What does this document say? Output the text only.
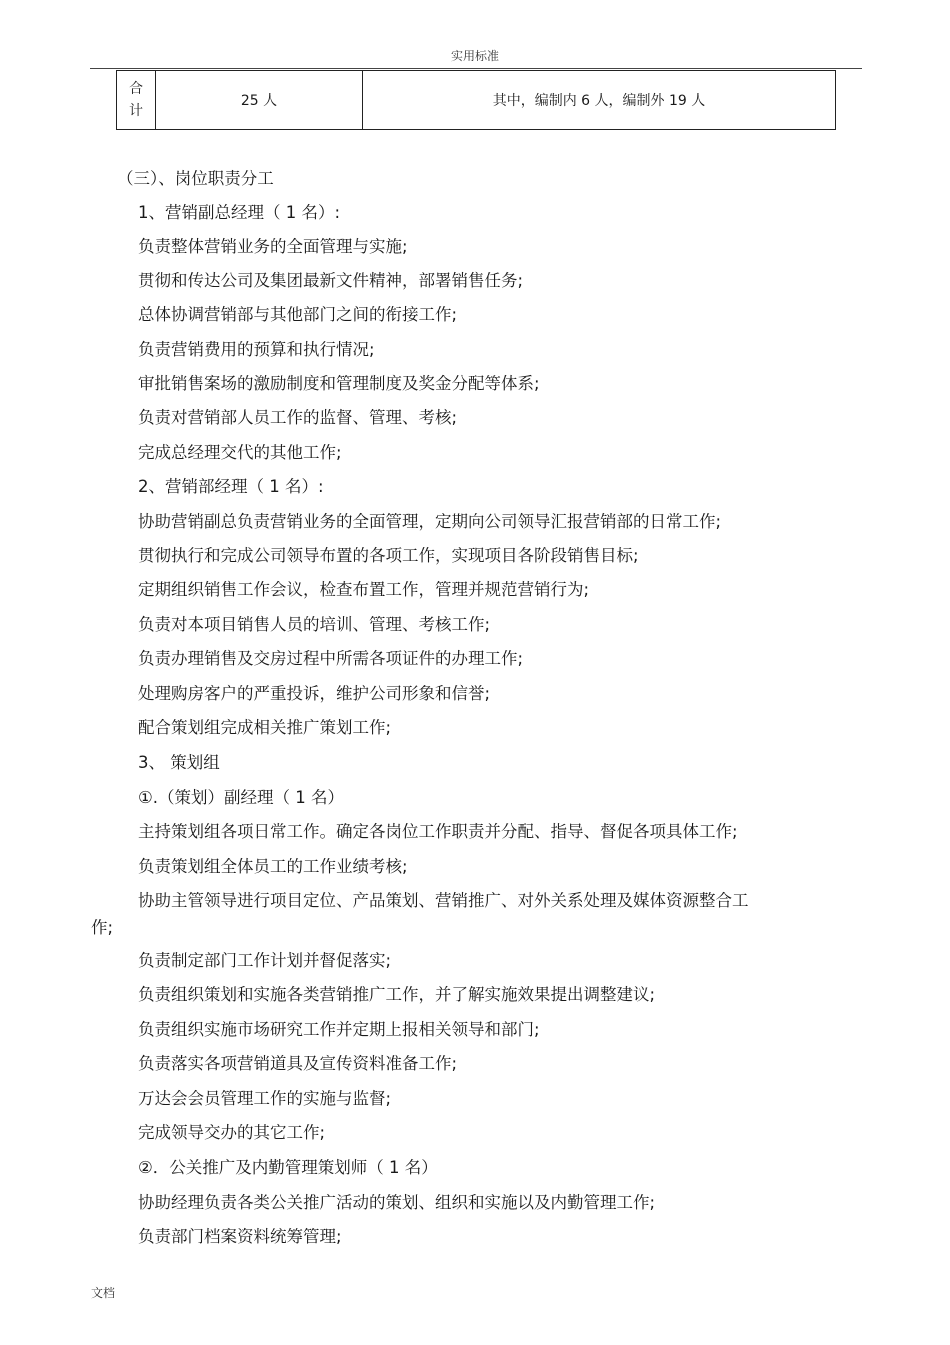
实用标准
合
计	25 人	其中，编制内 6 人，编制外 19 人
（三）、岗位职责分工
1、营销副总经理（ 1 名）:
负责整体营销业务的全面管理与实施;
贯彻和传达公司及集团最新文件精神，部署销售任务;
总体协调营销部与其他部门之间的衔接工作;
负责营销费用的预算和执行情况;
审批销售案场的激励制度和管理制度及奖金分配等体系;
负责对营销部人员工作的监督、管理、考核;
完成总经理交代的其他工作;
2、营销部经理（ 1 名）:
协助营销副总负责营销业务的全面管理，定期向公司领导汇报营销部的日常工作;
贯彻执行和完成公司领导布置的各项工作，实现项目各阶段销售目标;
定期组织销售工作会议，检查布置工作，管理并规范营销行为;
负责对本项目销售人员的培训、管理、考核工作;
负责办理销售及交房过程中所需各项证件的办理工作;
处理购房客户的严重投诉，维护公司形象和信誉;
配合策划组完成相关推广策划工作;
3、 策划组
①.（策划）副经理（ 1 名）
主持策划组各项日常工作。确定各岗位工作职责并分配、指导、督促各项具体工作;
负责策划组全体员工的工作业绩考核;
协助主管领导进行项目定位、产品策划、营销推广、对外关系处理及媒体资源整合工
作;
负责制定部门工作计划并督促落实;
负责组织策划和实施各类营销推广工作，并了解实施效果提出调整建议;
负责组织实施市场研究工作并定期上报相关领导和部门;
负责落实各项营销道具及宣传资料准备工作;
万达会会员管理工作的实施与监督;
完成领导交办的其它工作;
②．公关推广及内勤管理策划师（ 1 名）
协助经理负责各类公关推广活动的策划、组织和实施以及内勤管理工作;
负责部门档案资料统筹管理;
文档
